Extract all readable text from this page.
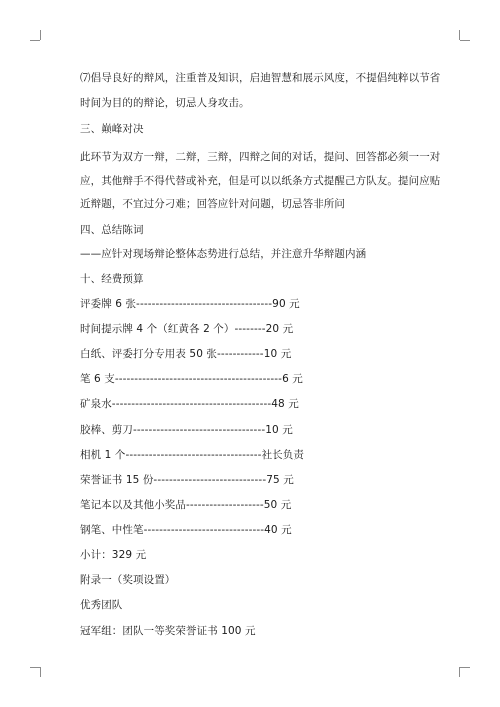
⑺倡导良好的辩风，注重普及知识，启迪智慧和展示风度，不提倡纯粹以节省时间为目的的辩论，切忌人身攻击。
三、巅峰对决
此环节为双方一辩，二辩，三辩，四辩之间的对话，提问、回答都必须一一对应，其他辩手不得代替或补充，但是可以以纸条方式提醒己方队友。提问应贴近辩题，不宜过分刁难；回答应针对问题，切忌答非所问
四、总结陈词
——应针对现场辩论整体态势进行总结，并注意升华辩题内涵
十、经费预算
评委牌 6 张-----------------------------------90 元
时间提示牌 4 个（红黄各 2 个）--------20 元
白纸、评委打分专用表 50 张------------10 元
笔 6 支-------------------------------------------6 元
矿泉水-----------------------------------------48 元
胶棒、剪刀----------------------------------10 元
相机 1 个-----------------------------------社长负责
荣誉证书 15 份-----------------------------75 元
笔记本以及其他小奖品--------------------50 元
钢笔、中性笔-------------------------------40 元
小计：329 元
附录一（奖项设置）
优秀团队
冠军组：团队一等奖荣誉证书 100 元
